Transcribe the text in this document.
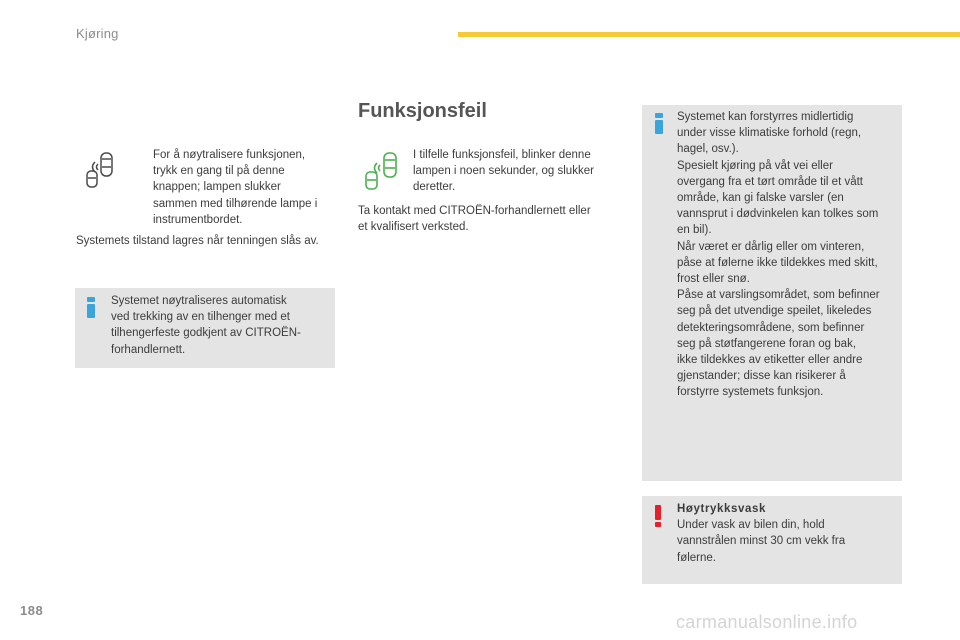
Kjøring
For å nøytralisere funksjonen,
trykk en gang til på denne
knappen; lampen slukker
sammen med tilhørende lampe i
instrumentbordet.
Systemets tilstand lagres når tenningen slås av.
Systemet nøytraliseres automatisk
ved trekking av en tilhenger med et
tilhengerfeste godkjent av CITROËN-
forhandlernett.
Funksjonsfeil
I tilfelle funksjonsfeil, blinker denne
lampen i noen sekunder, og slukker
deretter.
Ta kontakt med CITROËN-forhandlernett eller
et kvalifisert verksted.
Systemet kan forstyrres midlertidig
under visse klimatiske forhold (regn,
hagel, osv.).
Spesielt kjøring på våt vei eller
overgang fra et tørt område til et vått
område, kan gi falske varsler (en
vannsprut i dødvinkelen kan tolkes som
en bil).
Når været er dårlig eller om vinteren,
påse at følerne ikke tildekkes med skitt,
frost eller snø.
Påse at varslingsområdet, som befinner
seg på det utvendige speilet, likeledes
detekteringsområdene, som befinner
seg på støtfangerene foran og bak,
ikke tildekkes av etiketter eller andre
gjenstander; disse kan risikerer å
forstyrre systemets funksjon.
Høytrykksvask
Under vask av bilen din, hold
vannstrålen minst 30 cm vekk fra
følerne.
188
carmanualsonline.info
